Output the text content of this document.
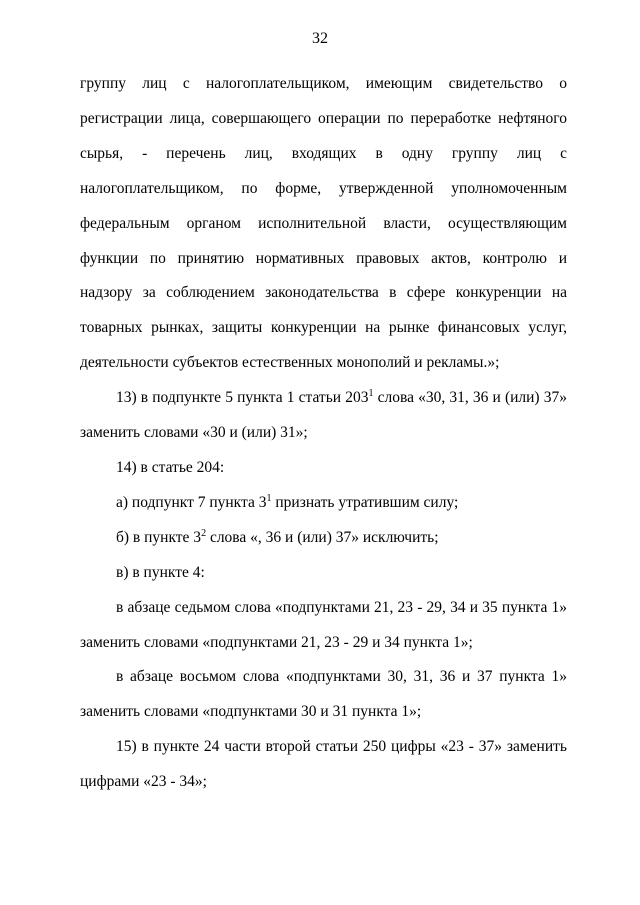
32

группу лиц с налогоплательщиком, имеющим свидетельство о регистрации лица, совершающего операции по переработке нефтяного сырья, - перечень лиц, входящих в одну группу лиц с налогоплательщиком, по форме, утвержденной уполномоченным федеральным органом исполнительной власти, осуществляющим функции по принятию нормативных правовых актов, контролю и надзору за соблюдением законодательства в сфере конкуренции на товарных рынках, защиты конкуренции на рынке финансовых услуг, деятельности субъектов естественных монополий и рекламы.»;

13) в подпункте 5 пункта 1 статьи $203^1$ слова «30, 31, 36 и (или) 37» заменить словами «30 и (или) 31»;

14) в статье 204:

а) подпункт 7 пункта $3^1$ признать утратившим силу;

б) в пункте $3^2$ слова «, 36 и (или) 37» исключить;

в) в пункте 4:

в абзаце седьмом слова «подпунктами 21, 23 - 29, 34 и 35 пункта 1» заменить словами «подпунктами 21, 23 - 29 и 34 пункта 1»;

в абзаце восьмом слова «подпунктами 30, 31, 36 и 37 пункта 1» заменить словами «подпунктами 30 и 31 пункта 1»;

15) в пункте 24 части второй статьи 250 цифры «23 - 37» заменить цифрами «23 - 34»;
